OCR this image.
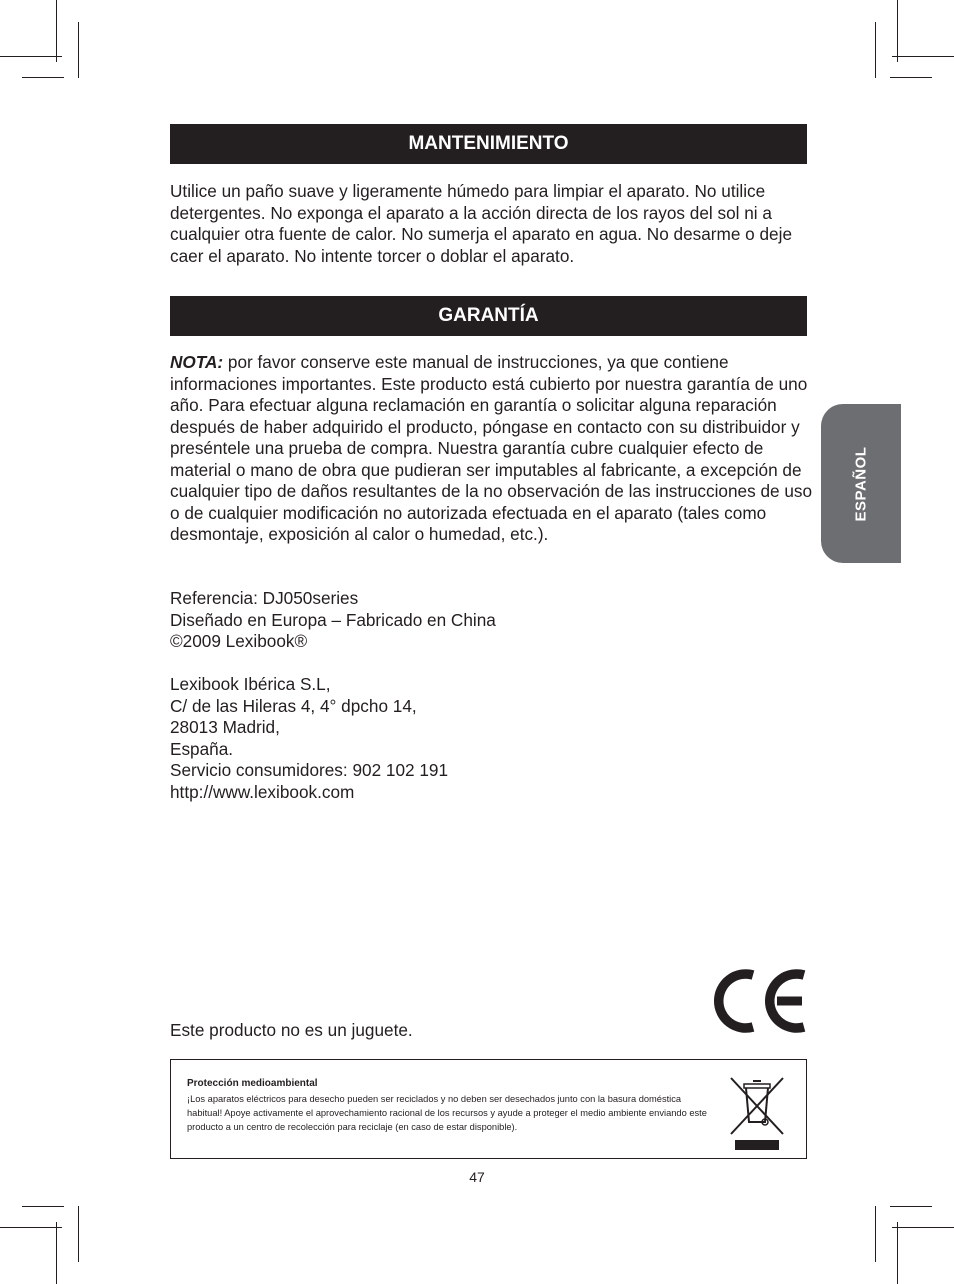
MANTENIMIENTO

Utilice un paño suave y ligeramente húmedo para limpiar el aparato. No utilice detergentes. No exponga el aparato a la acción directa de los rayos del sol ni a cualquier otra fuente de calor. No sumerja el aparato en agua. No desarme o deje caer el aparato. No intente torcer o doblar el aparato.

GARANTÍA

NOTA: por favor conserve este manual de instrucciones, ya que contiene informaciones importantes. Este producto está cubierto por nuestra garantía de uno año. Para efectuar alguna reclamación en garantía o solicitar alguna reparación después de haber adquirido el producto, póngase en contacto con su distribuidor y preséntele una prueba de compra. Nuestra garantía cubre cualquier efecto de material o mano de obra que pudieran ser imputables al fabricante, a excepción de cualquier tipo de daños resultantes de la no observación de las instrucciones de uso o de cualquier modificación no autorizada efectuada en el aparato (tales como desmontaje, exposición al calor o humedad, etc.).

Referencia: DJ050series
Diseñado en Europa – Fabricado en China
©2009 Lexibook®
Lexibook Ibérica S.L,
C/ de las Hileras 4, 4° dpcho 14,
28013 Madrid,
España.
Servicio consumidores: 902 102 191
http://www.lexibook.com
Este producto no es un juguete.
Protección medioambiental
¡Los aparatos eléctricos para desecho pueden ser reciclados y no deben ser desechados junto con la basura doméstica habitual! Apoye activamente el aprovechamiento racional de los recursos y ayude a proteger el medio ambiente enviando este producto a un centro de recolección para reciclaje (en caso de estar disponible).
ESPAÑOL
47
